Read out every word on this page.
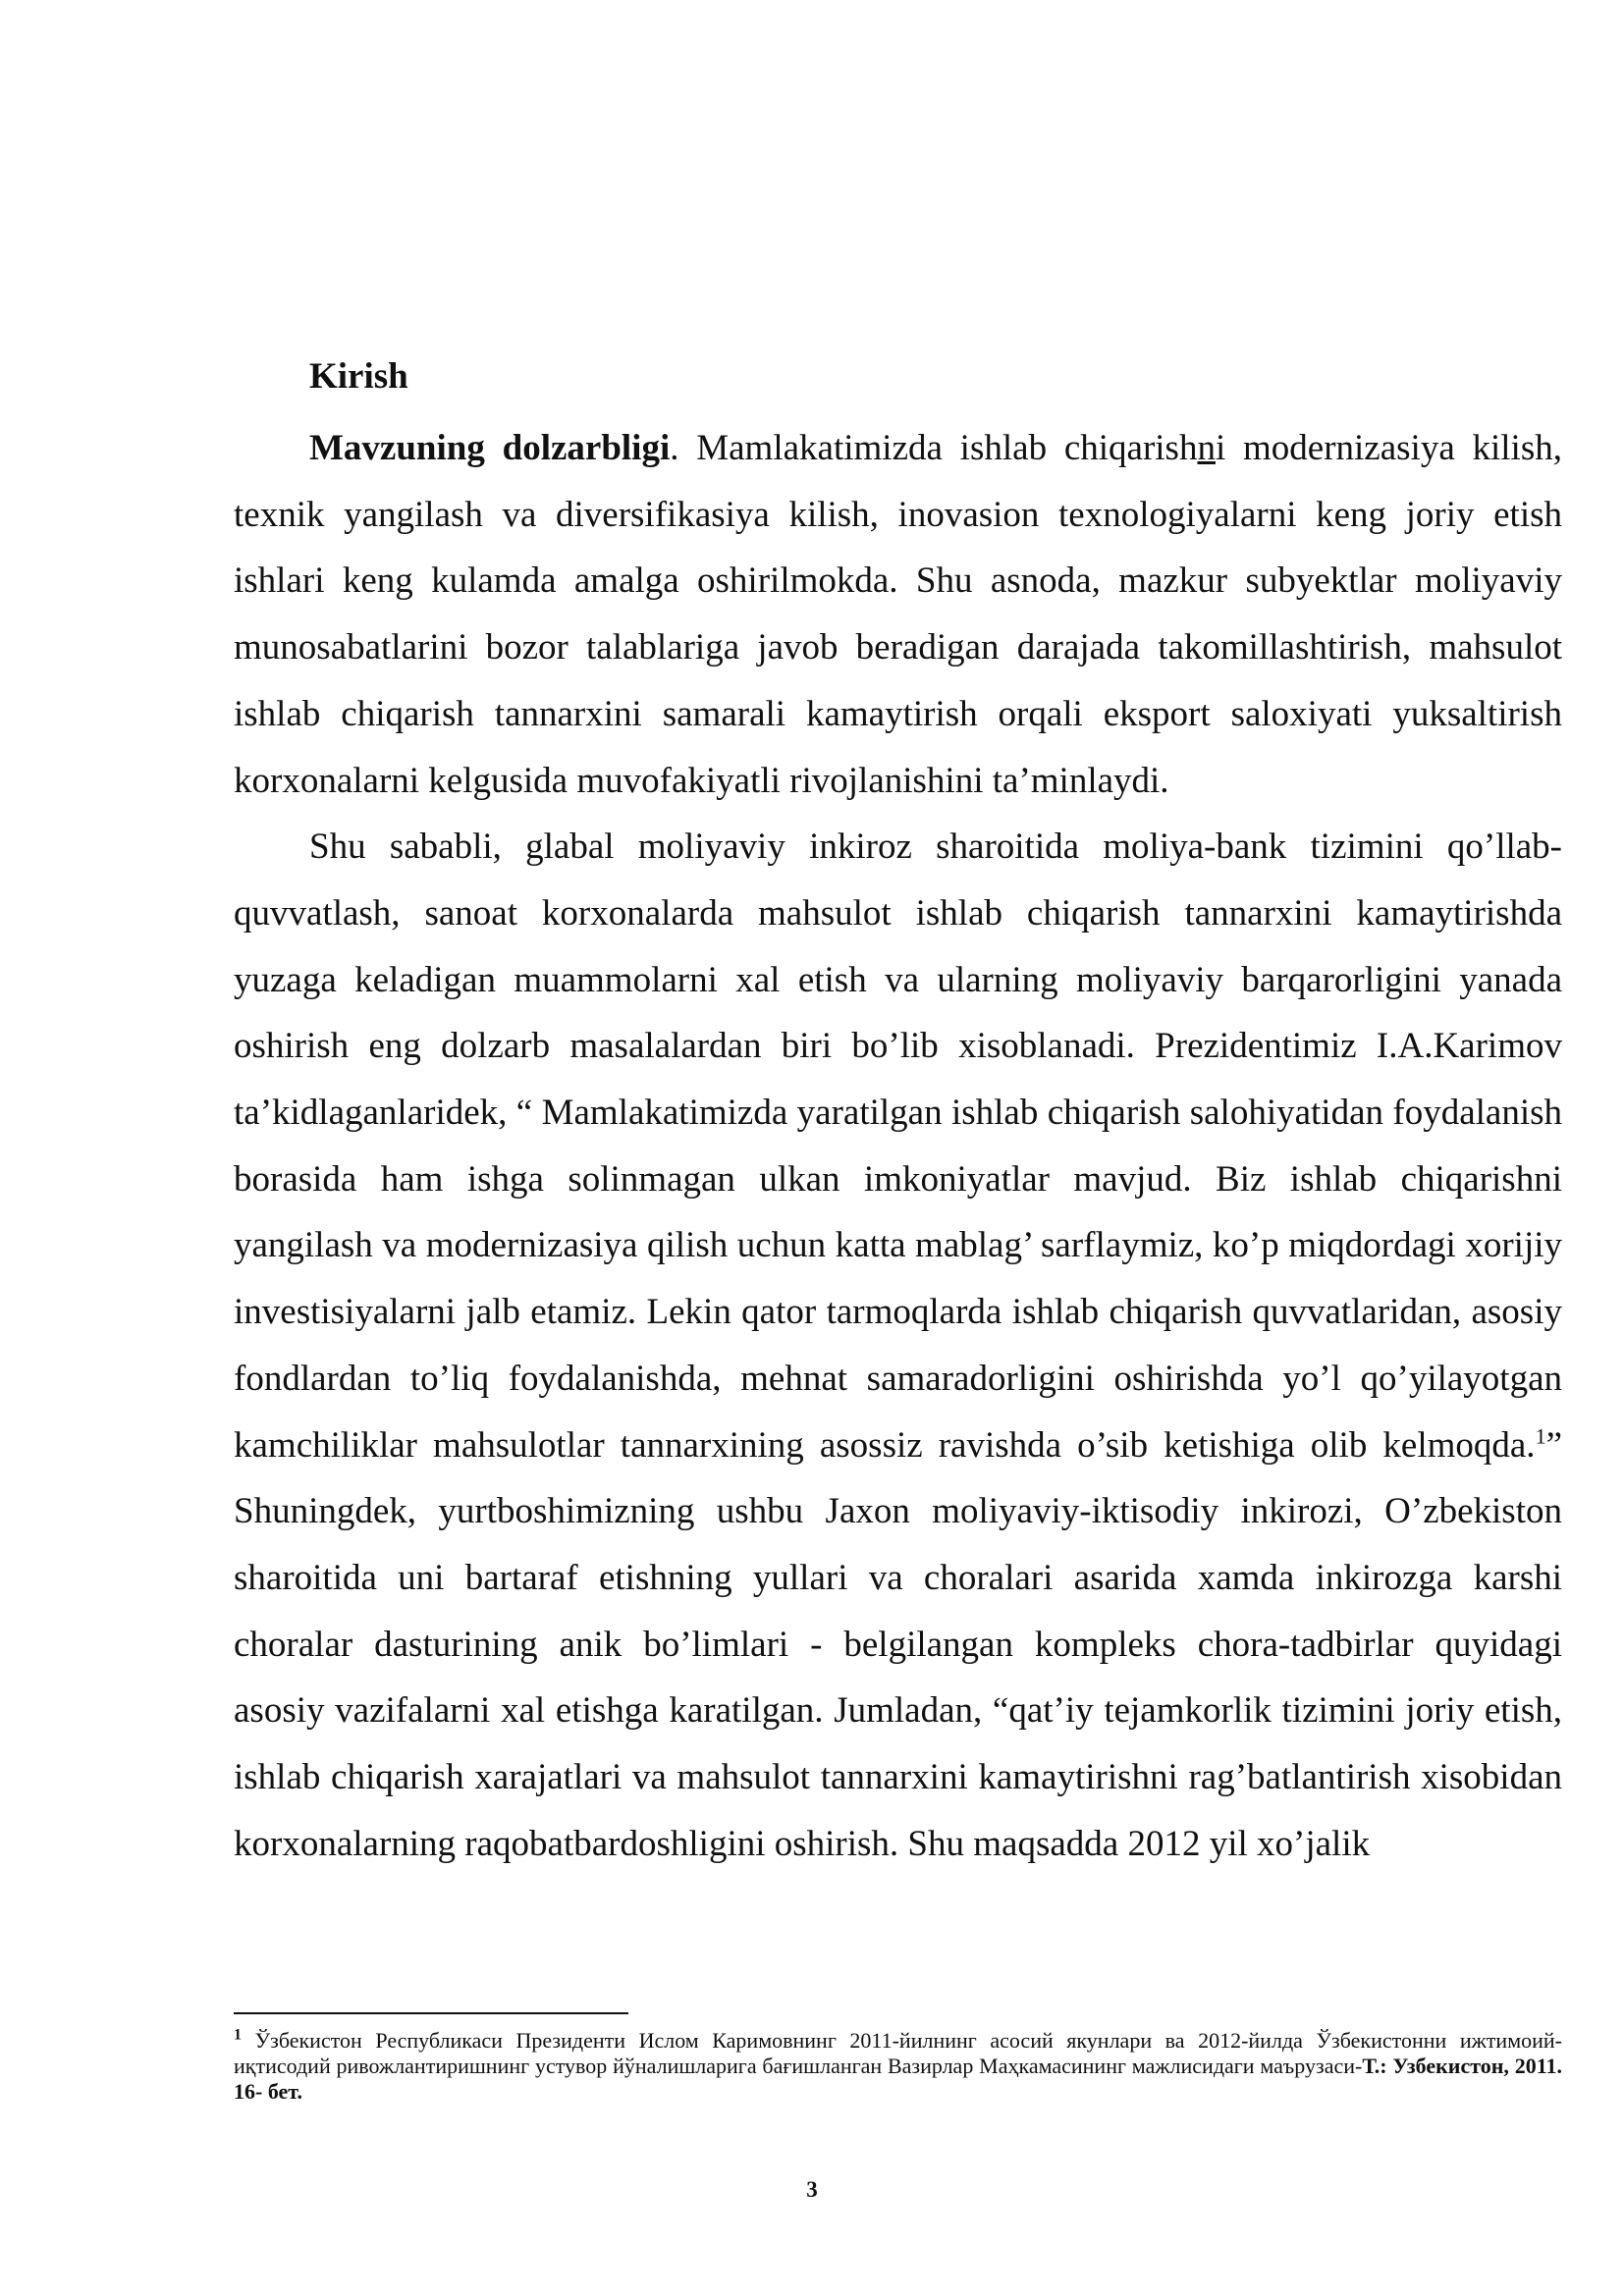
Kirish

Mavzuning dolzarbligi. Mamlakatimizda ishlab chiqarishni modernizasiya kilish, texnik yangilash va diversifikasiya kilish, inovasion texnologiyalarni keng joriy etish ishlari keng kulamda amalga oshirilmokda. Shu asnoda, mazkur subyektlar moliyaviy munosabatlarini bozor talablariga javob beradigan darajada takomillashtirish, mahsulot ishlab chiqarish tannarxini samarali kamaytirish orqali eksport saloxiyati yuksaltirish korxonalarni kelgusida muvofakiyatli rivojlanishini ta’minlaydi.

Shu sababli, glabal moliyaviy inkiroz sharoitida moliya-bank tizimini qo’llab-quvvatlash, sanoat korxonalarda mahsulot ishlab chiqarish tannarxini kamaytirishda yuzaga keladigan muammolarni xal etish va ularning moliyaviy barqarorligini yanada oshirish eng dolzarb masalalardan biri bo’lib xisoblanadi. Prezidentimiz I.A.Karimov ta’kidlaganlaridek, “ Mamlakatimizda yaratilgan ishlab chiqarish salohiyatidan foydalanish borasida ham ishga solinmagan ulkan imkoniyatlar mavjud. Biz ishlab chiqarishni yangilash va modernizasiya qilish uchun katta mablag’ sarflaymiz, ko’p miqdordagi xorijiy investisiyalarni jalb etamiz. Lekin qator tarmoqlarda ishlab chiqarish quvvatlaridan, asosiy fondlardan to’liq foydalanishda, mehnat samaradorligini oshirishda yo’l qo’yilayotgan kamchiliklar mahsulotlar tannarxining asossiz ravishda o’sib ketishiga olib kelmoqda.$^1$” Shuningdek, yurtboshimizning ushbu Jaxon moliyaviy-iktisodiy inkirozi, O’zbekiston sharoitida uni bartaraf etishning yullari va choralari asarida xamda inkirozga karshi choralar dasturining anik bo’limlari - belgilangan kompleks chora-tadbirlar quyidagi asosiy vazifalarni xal etishga karatilgan. Jumladan, “qat’iy tejamkorlik tizimini joriy etish, ishlab chiqarish xarajatlari va mahsulot tannarxini kamaytirishni rag’batlantirish xisobidan korxonalarning raqobatbardoshligini oshirish. Shu maqsadda 2012 yil xo’jalik

$^1$ Ўзбекистон Республикаси Президенти Ислом Каримовнинг 2011-йилнинг асосий якунлари ва 2012-йилда Ўзбекистонни ижтимоий-иқтисодий ривожлантиришнинг устувор йўналишларига бағишланган Вазирлар Маҳкамасининг мажлисидаги маърузаси-Т.: Узбекистон, 2011. 16- бет.

3
